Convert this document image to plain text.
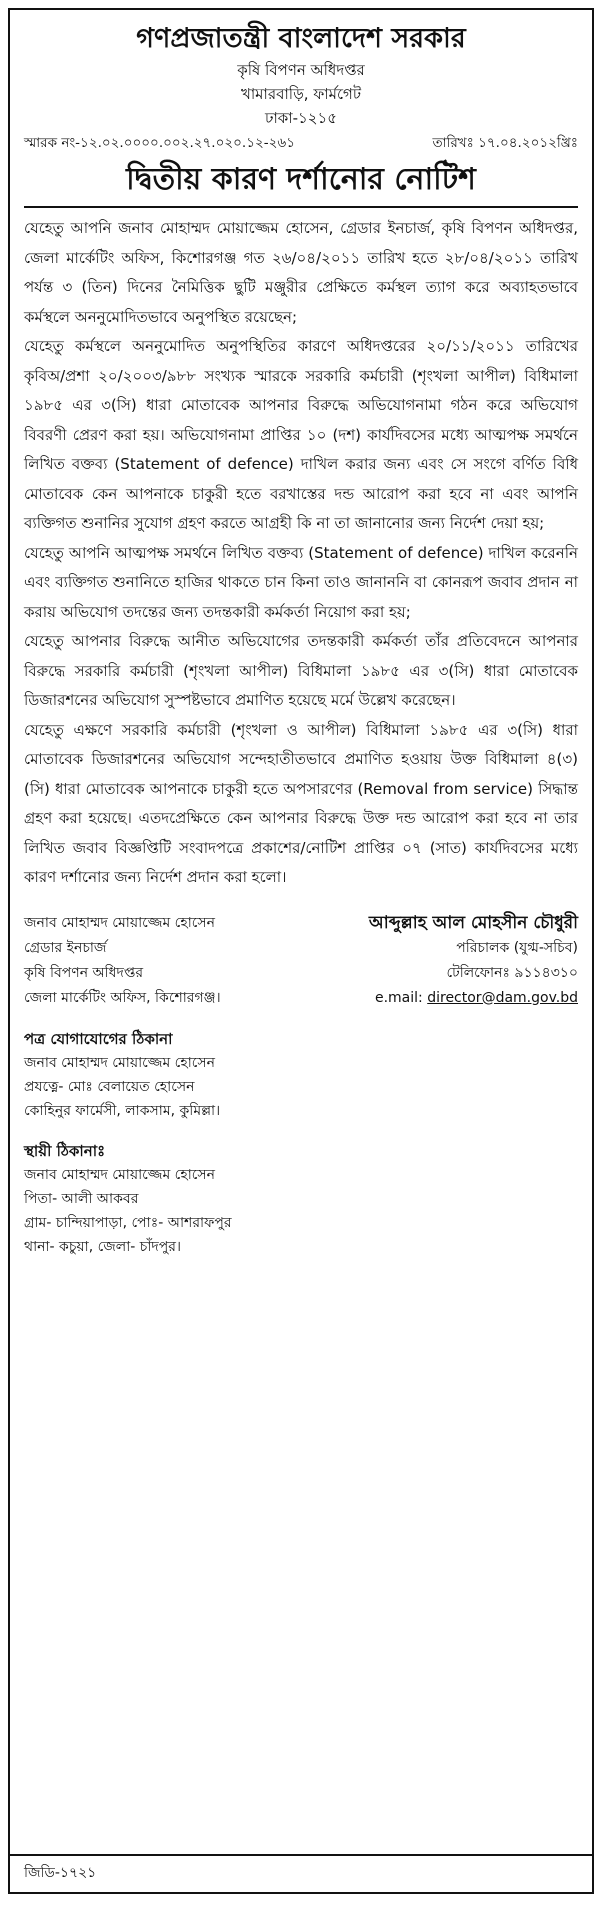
গণপ্রজাতন্ত্রী বাংলাদেশ সরকার
কৃষি বিপণন অধিদপ্তর
খামারবাড়ি, ফার্মগেট
ঢাকা-১২১৫
স্মারক নং-১২.০২.০০০০.০০২.২৭.০২০.১২-২৬১	তারিখঃ ১৭.০৪.২০১২খ্রিঃ
দ্বিতীয় কারণ দর্শানোর নোটিশ

যেহেতু আপনি জনাব মোহাম্মদ মোয়াজ্জেম হোসেন, গ্রেডার ইনচার্জ, কৃষি বিপণন অধিদপ্তর, জেলা মার্কেটিং অফিস, কিশোরগঞ্জ গত ২৬/০৪/২০১১ তারিখ হতে ২৮/০৪/২০১১ তারিখ পর্যন্ত ৩ (তিন) দিনের নৈমিত্তিক ছুটি মঞ্জুরীর প্রেক্ষিতে কর্মস্থল ত্যাগ করে অব্যাহতভাবে কর্মস্থলে অননুমোদিতভাবে অনুপস্থিত রয়েছেন;

যেহেতু কর্মস্থলে অননুমোদিত অনুপস্থিতির কারণে অধিদপ্তরের ২০/১১/২০১১ তারিখের কৃবিঅ/প্রশা ২০/২০০৩/৯৮৮ সংখ্যক স্মারকে সরকারি কর্মচারী (শৃংখলা আপীল) বিধিমালা ১৯৮৫ এর ৩(সি) ধারা মোতাবেক আপনার বিরুদ্ধে অভিযোগনামা গঠন করে অভিযোগ বিবরণী প্রেরণ করা হয়। অভিযোগনামা প্রাপ্তির ১০ (দশ) কার্যদিবসের মধ্যে আত্মপক্ষ সমর্থনে লিখিত বক্তব্য (Statement of defence) দাখিল করার জন্য এবং সে সংগে বর্ণিত বিধি মোতাবেক কেন আপনাকে চাকুরী হতে বরখাস্তের দন্ড আরোপ করা হবে না এবং আপনি ব্যক্তিগত শুনানির সুযোগ গ্রহণ করতে আগ্রহী কি না তা জানানোর জন্য নির্দেশ দেয়া হয়;

যেহেতু আপনি আত্মপক্ষ সমর্থনে লিখিত বক্তব্য (Statement of defence) দাখিল করেননি এবং ব্যক্তিগত শুনানিতে হাজির থাকতে চান কিনা তাও জানাননি বা কোনরূপ জবাব প্রদান না করায় অভিযোগ তদন্তের জন্য তদন্তকারী কর্মকর্তা নিয়োগ করা হয়;

যেহেতু আপনার বিরুদ্ধে আনীত অভিযোগের তদন্তকারী কর্মকর্তা তাঁর প্রতিবেদনে আপনার বিরুদ্ধে সরকারি কর্মচারী (শৃংখলা আপীল) বিধিমালা ১৯৮৫ এর ৩(সি) ধারা মোতাবেক ডিজারশনের অভিযোগ সুস্পষ্টভাবে প্রমাণিত হয়েছে মর্মে উল্লেখ করেছেন।

যেহেতু এক্ষণে সরকারি কর্মচারী (শৃংখলা ও আপীল) বিধিমালা ১৯৮৫ এর ৩(সি) ধারা মোতাবেক ডিজারশনের অভিযোগ সন্দেহাতীতভাবে প্রমাণিত হওয়ায় উক্ত বিধিমালা ৪(৩) (সি) ধারা মোতাবেক আপনাকে চাকুরী হতে অপসারণের (Removal from service) সিদ্ধান্ত গ্রহণ করা হয়েছে। এতদপ্রেক্ষিতে কেন আপনার বিরুদ্ধে উক্ত দন্ড আরোপ করা হবে না তার লিখিত জবাব বিজ্ঞপ্তিটি সংবাদপত্রে প্রকাশের/নোটিশ প্রাপ্তির ০৭ (সাত) কার্যদিবসের মধ্যে কারণ দর্শানোর জন্য নির্দেশ প্রদান করা হলো।

জনাব মোহাম্মদ মোয়াজ্জেম হোসেন
গ্রেডার ইনচার্জ
কৃষি বিপণন অধিদপ্তর
জেলা মার্কেটিং অফিস, কিশোরগঞ্জ।
আব্দুল্লাহ আল মোহসীন চৌধুরী
পরিচালক (যুগ্ম-সচিব)
টেলিফোনঃ ৯১১৪৩১০
e.mail: director@dam.gov.bd
পত্র যোগাযোগের ঠিকানা
জনাব মোহাম্মদ মোয়াজ্জেম হোসেন
প্রযত্নে- মোঃ বেলায়েত হোসেন
কোহিনুর ফার্মেসী, লাকসাম, কুমিল্লা।
স্থায়ী ঠিকানাঃ
জনাব মোহাম্মদ মোয়াজ্জেম হোসেন
পিতা- আলী আকবর
গ্রাম- চান্দিয়াপাড়া, পোঃ- আশরাফপুর
থানা- কচুয়া, জেলা- চাঁদপুর।
জিডি-১৭২১
